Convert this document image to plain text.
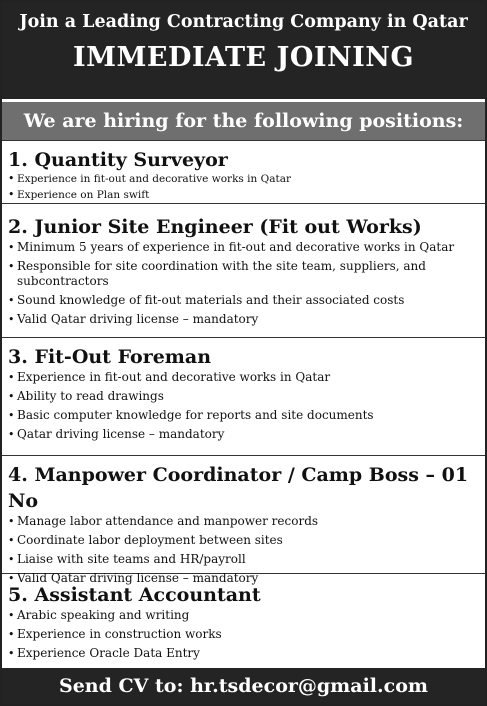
Join a Leading Contracting Company in Qatar
IMMEDIATE JOINING
We are hiring for the following positions:
1. Quantity Surveyor
• Experience in fit-out and decorative works in Qatar
• Experience on Plan swift
2. Junior Site Engineer (Fit out Works)
• Minimum 5 years of experience in fit-out and decorative works in Qatar
• Responsible for site coordination with the site team, suppliers, and subcontractors
• Sound knowledge of fit-out materials and their associated costs
• Valid Qatar driving license – mandatory
3. Fit-Out Foreman
• Experience in fit-out and decorative works in Qatar
• Ability to read drawings
• Basic computer knowledge for reports and site documents
• Qatar driving license – mandatory
4. Manpower Coordinator / Camp Boss – 01 No
• Manage labor attendance and manpower records
• Coordinate labor deployment between sites
• Liaise with site teams and HR/payroll
• Valid Qatar driving license – mandatory
5. Assistant Accountant
• Arabic speaking and writing
• Experience in construction works
• Experience Oracle Data Entry
Send CV to: hr.tsdecor@gmail.com
